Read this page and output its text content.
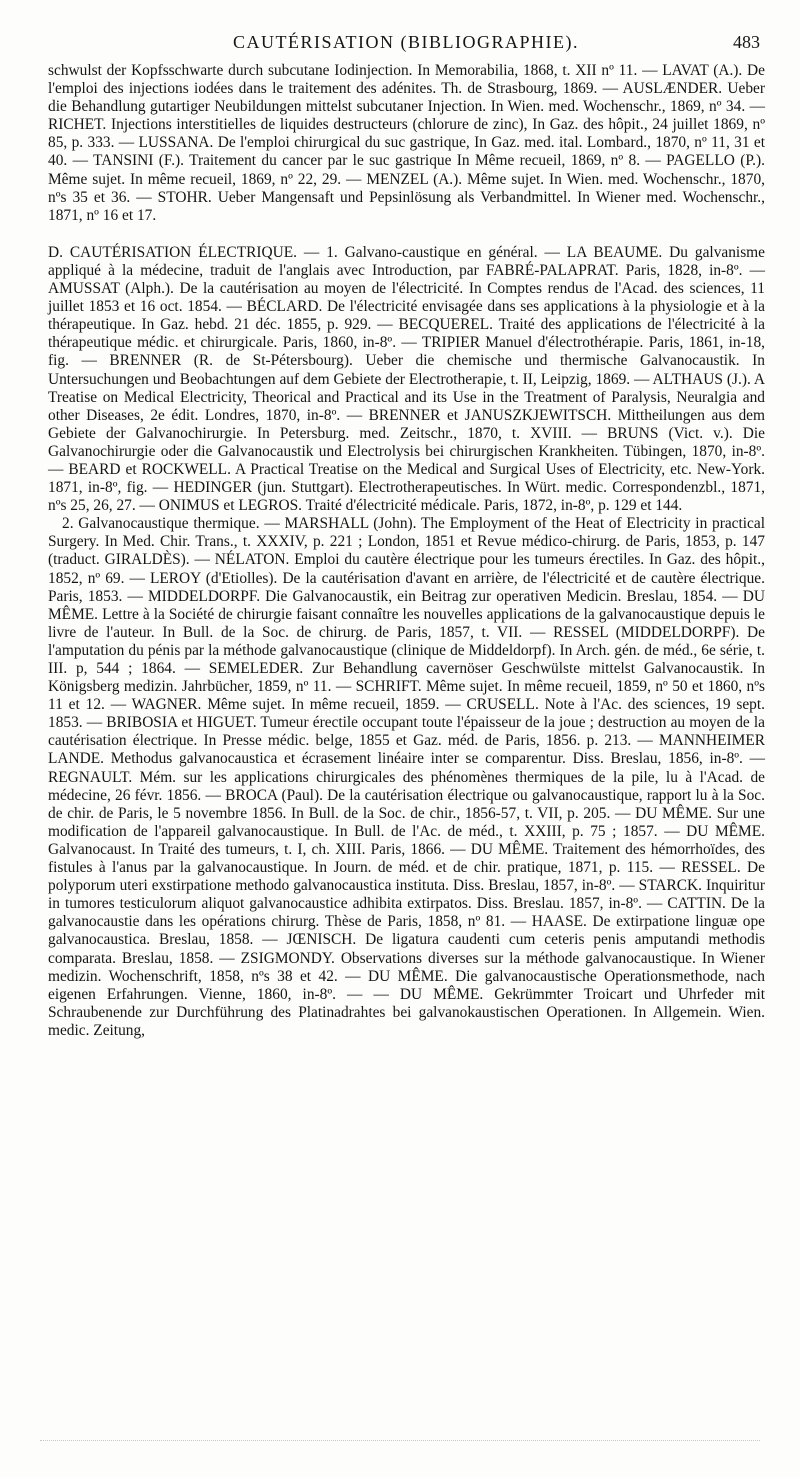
CAUTÉRISATION (BIBLIOGRAPHIE).	483

schwulst der Kopfsschwarte durch subcutane Iodinjection. In Memorabilia, 1868, t. XII nº 11. — LAVAT (A.). De l'emploi des injections iodées dans le traitement des adénites. Th. de Strasbourg, 1869. — AUSLÆNDER. Ueber die Behandlung gutartiger Neubildungen mittelst subcutaner Injection. In Wien. med. Wochenschr., 1869, nº 34. — RICHET. Injections interstitielles de liquides destructeurs (chlorure de zinc), In Gaz. des hôpit., 24 juillet 1869, nº 85, p. 333. — LUSSANA. De l'emploi chirurgical du suc gastrique, In Gaz. med. ital. Lombard., 1870, nº 11, 31 et 40. — TANSINI (F.). Traitement du cancer par le suc gastrique In Même recueil, 1869, nº 8. — PAGELLO (P.). Même sujet. In même recueil, 1869, nº 22, 29. — MENZEL (A.). Même sujet. In Wien. med. Wochenschr., 1870, nºs 35 et 36. — STOHR. Ueber Mangensaft und Pepsinlösung als Verbandmittel. In Wiener med. Wochenschr., 1871, nº 16 et 17.

D. CAUTÉRISATION ÉLECTRIQUE. — 1. Galvano-caustique en général. — LA BEAUME. Du galvanisme appliqué à la médecine, traduit de l'anglais avec Introduction, par FABRÉ-PALAPRAT. Paris, 1828, in-8º. — AMUSSAT (Alph.). De la cautérisation au moyen de l'électricité. In Comptes rendus de l'Acad. des sciences, 11 juillet 1853 et 16 oct. 1854. — BÉCLARD. De l'électricité envisagée dans ses applications à la physiologie et à la thérapeutique. In Gaz. hebd. 21 déc. 1855, p. 929. — BECQUEREL. Traité des applications de l'électricité à la thérapeutique médic. et chirurgicale. Paris, 1860, in-8º. — TRIPIER Manuel d'électrothérapie. Paris, 1861, in-18, fig. — BRENNER (R. de St-Pétersbourg). Ueber die chemische und thermische Galvanocaustik. In Untersuchungen und Beobachtungen auf dem Gebiete der Electrotherapie, t. II, Leipzig, 1869. — ALTHAUS (J.). A Treatise on Medical Electricity, Theorical and Practical and its Use in the Treatment of Paralysis, Neuralgia and other Diseases, 2e édit. Londres, 1870, in-8º. — BRENNER et JANUSZKJEWITSCH. Mittheilungen aus dem Gebiete der Galvanochirurgie. In Petersburg. med. Zeitschr., 1870, t. XVIII. — BRUNS (Vict. v.). Die Galvanochirurgie oder die Galvanocaustik und Electrolysis bei chirurgischen Krankheiten. Tübingen, 1870, in-8º. — BEARD et ROCKWELL. A Practical Treatise on the Medical and Surgical Uses of Electricity, etc. New-York. 1871, in-8º, fig. — HEDINGER (jun. Stuttgart). Electrotherapeutisches. In Würt. medic. Correspondenzbl., 1871, nºs 25, 26, 27. — ONIMUS et LEGROS. Traité d'électricité médicale. Paris, 1872, in-8º, p. 129 et 144.

2. Galvanocaustique thermique. — MARSHALL (John). The Employment of the Heat of Electricity in practical Surgery. In Med. Chir. Trans., t. XXXIV, p. 221 ; London, 1851 et Revue médico-chirurg. de Paris, 1853, p. 147 (traduct. GIRALDÈS). — NÉLATON. Emploi du cautère électrique pour les tumeurs érectiles. In Gaz. des hôpit., 1852, nº 69. — LEROY (d'Etiolles). De la cautérisation d'avant en arrière, de l'électricité et de cautère électrique. Paris, 1853. — MIDDELDORPF. Die Galvanocaustik, ein Beitrag zur operativen Medicin. Breslau, 1854. — DU MÊME. Lettre à la Société de chirurgie faisant connaître les nouvelles applications de la galvanocaustique depuis le livre de l'auteur. In Bull. de la Soc. de chirurg. de Paris, 1857, t. VII. — RESSEL (MIDDELDORPF). De l'amputation du pénis par la méthode galvanocaustique (clinique de Middeldorpf). In Arch. gén. de méd., 6e série, t. III. p, 544 ; 1864. — SEMELEDER. Zur Behandlung cavernöser Geschwülste mittelst Galvanocaustik. In Königsberg medizin. Jahrbücher, 1859, nº 11. — SCHRIFT. Même sujet. In même recueil, 1859, nº 50 et 1860, nºs 11 et 12. — WAGNER. Même sujet. In même recueil, 1859. — CRUSELL. Note à l'Ac. des sciences, 19 sept. 1853. — BRIBOSIA et HIGUET. Tumeur érectile occupant toute l'épaisseur de la joue ; destruction au moyen de la cautérisation électrique. In Presse médic. belge, 1855 et Gaz. méd. de Paris, 1856. p. 213. — MANNHEIMER LANDE. Methodus galvanocaustica et écrasement linéaire inter se comparentur. Diss. Breslau, 1856, in-8º. — REGNAULT. Mém. sur les applications chirurgicales des phénomènes thermiques de la pile, lu à l'Acad. de médecine, 26 févr. 1856. — BROCA (Paul). De la cautérisation électrique ou galvanocaustique, rapport lu à la Soc. de chir. de Paris, le 5 novembre 1856. In Bull. de la Soc. de chir., 1856-57, t. VII, p. 205. — DU MÊME. Sur une modification de l'appareil galvanocaustique. In Bull. de l'Ac. de méd., t. XXIII, p. 75 ; 1857. — DU MÊME. Galvanocaust. In Traité des tumeurs, t. I, ch. XIII. Paris, 1866. — DU MÊME. Traitement des hémorrhoïdes, des fistules à l'anus par la galvanocaustique. In Journ. de méd. et de chir. pratique, 1871, p. 115. — RESSEL. De polyporum uteri exstirpatione methodo galvanocaustica instituta. Diss. Breslau, 1857, in-8º. — STARCK. Inquiritur in tumores testiculorum aliquot galvanocaustice adhibita extirpatos. Diss. Breslau. 1857, in-8º. — CATTIN. De la galvanocaustie dans les opérations chirurg. Thèse de Paris, 1858, nº 81. — HAASE. De extirpatione linguæ ope galvanocaustica. Breslau, 1858. — JŒNISCH. De ligatura caudenti cum ceteris penis amputandi methodis comparata. Breslau, 1858. — ZSIGMONDY. Observations diverses sur la méthode galvanocaustique. In Wiener medizin. Wochenschrift, 1858, nºs 38 et 42. — DU MÊME. Die galvanocaustische Operationsmethode, nach eigenen Erfahrungen. Vienne, 1860, in-8º. — — DU MÊME. Gekrümmter Troicart und Uhrfeder mit Schraubenende zur Durchführung des Platinadrahtes bei galvanokaustischen Operationen. In Allgemein. Wien. medic. Zeitung,
